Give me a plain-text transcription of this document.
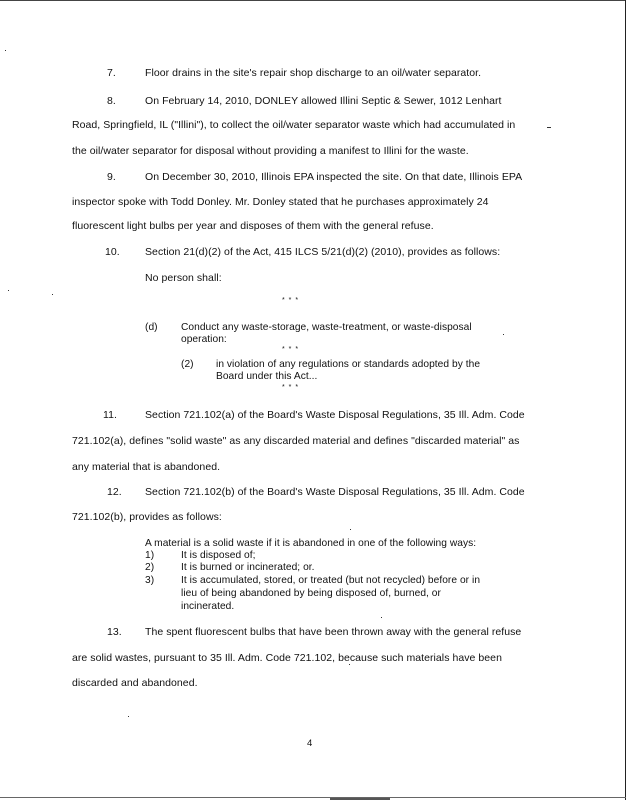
7.	Floor drains in the site's repair shop discharge to an oil/water separator.
8.	On February 14, 2010, DONLEY allowed Illini Septic & Sewer, 1012 Lenhart
Road, Springfield, IL ("Illini"), to collect the oil/water separator waste which had accumulated in
the oil/water separator for disposal without providing a manifest to Illini for the waste.
9.	On December 30, 2010, Illinois EPA inspected the site. On that date, Illinois EPA
inspector spoke with Todd Donley. Mr. Donley stated that he purchases approximately 24
fluorescent light bulbs per year and disposes of them with the general refuse.
10. Section 21(d)(2) of the Act, 415 ILCS 5/21(d)(2) (2010), provides as follows:
No person shall:
* * *
(d) Conduct any waste-storage, waste-treatment, or waste-disposal
operation:
* * *
(2) in violation of any regulations or standards adopted by the
Board under this Act...
* * *
11.	Section 721.102(a) of the Board's Waste Disposal Regulations, 35 Ill. Adm. Code
721.102(a), defines "solid waste" as any discarded material and defines "discarded material" as
any material that is abandoned.
12. Section 721.102(b) of the Board's Waste Disposal Regulations, 35 Ill. Adm. Code
721.102(b), provides as follows:
A material is a solid waste if it is abandoned in one of the following ways:
1)	It is disposed of;
2)	It is burned or incinerated; or.
3)	It is accumulated, stored, or treated (but not recycled) before or in
lieu of being abandoned by being disposed of, burned, or
incinerated.
13. The spent fluorescent bulbs that have been thrown away with the general refuse
are solid wastes, pursuant to 35 Ill. Adm. Code 721.102, because such materials have been
discarded and abandoned.
4
